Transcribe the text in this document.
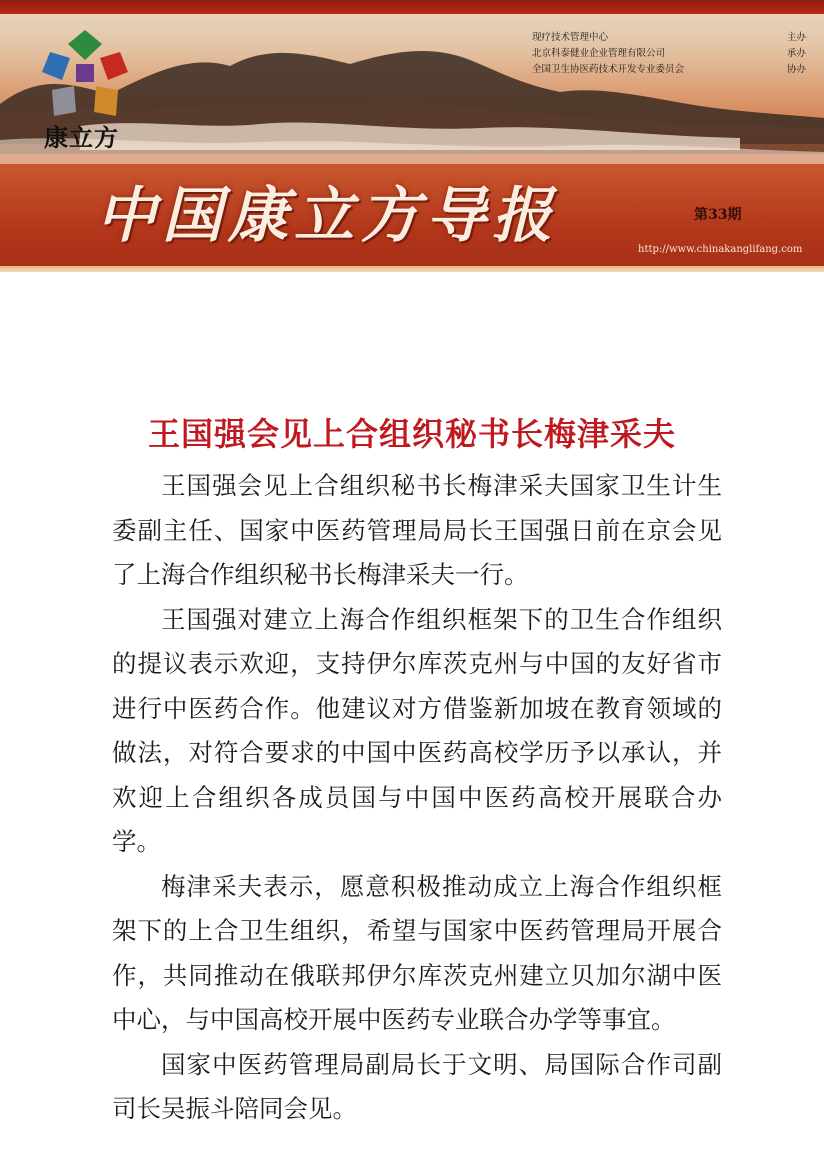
康立方
现疗技术管理中心	主办
北京科泰健业企业管理有限公司	承办
全国卫生协医药技术开发专业委员会	协办
中国康立方导报	第33期
http://www.chinakanglifang.com
王国强会见上合组织秘书长梅津采夫

王国强会见上合组织秘书长梅津采夫国家卫生计生委副主任、国家中医药管理局局长王国强日前在京会见了上海合作组织秘书长梅津采夫一行。

王国强对建立上海合作组织框架下的卫生合作组织的提议表示欢迎，支持伊尔库茨克州与中国的友好省市进行中医药合作。他建议对方借鉴新加坡在教育领域的做法，对符合要求的中国中医药高校学历予以承认，并欢迎上合组织各成员国与中国中医药高校开展联合办学。

梅津采夫表示，愿意积极推动成立上海合作组织框架下的上合卫生组织，希望与国家中医药管理局开展合作，共同推动在俄联邦伊尔库茨克州建立贝加尔湖中医中心，与中国高校开展中医药专业联合办学等事宜。

国家中医药管理局副局长于文明、局国际合作司副司长吴振斗陪同会见。
